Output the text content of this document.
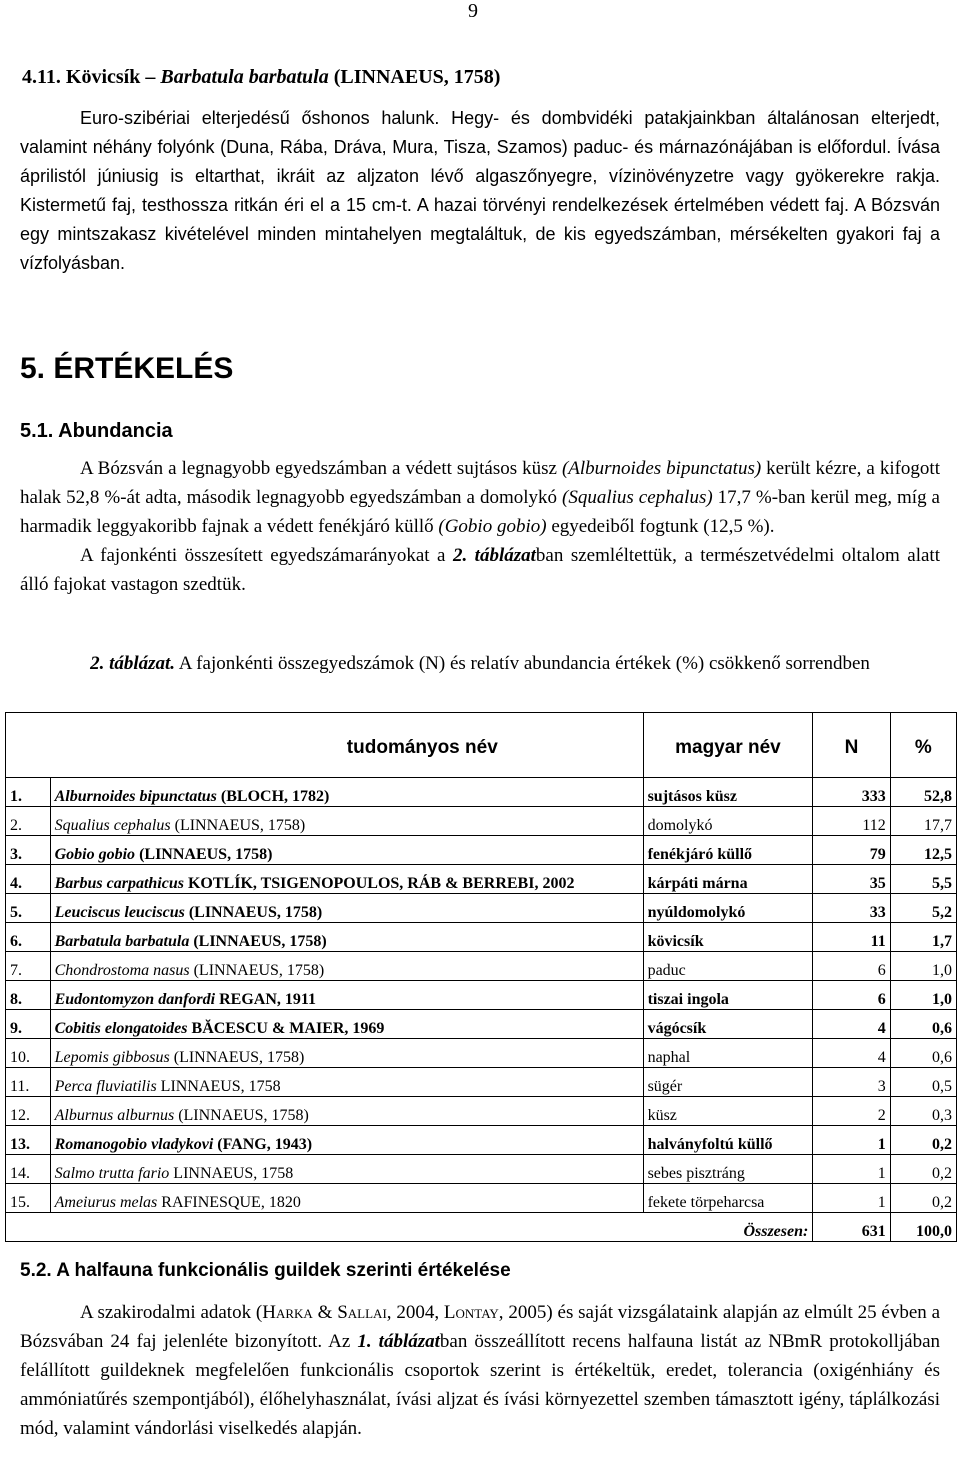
9
4.11. Kövicsík – Barbatula barbatula (LINNAEUS, 1758)
Euro-szibériai elterjedésű őshonos halunk. Hegy- és dombvidéki patakjainkban általánosan elterjedt, valamint néhány folyónk (Duna, Rába, Dráva, Mura, Tisza, Szamos) paduc- és márnazónájában is előfordul. Ívása áprilistól júniusig is eltarthat, ikráit az aljzaton lévő algaszőnyegre, vízinövényzetre vagy gyökerekre rakja. Kistermetű faj, testhossza ritkán éri el a 15 cm-t. A hazai törvényi rendelkezések értelmében védett faj. A Bózsván egy mintszakasz kivételével minden mintahelyen megtaláltuk, de kis egyedszámban, mérsékelten gyakori faj a vízfolyásban.
5. ÉRTÉKELÉS
5.1. Abundancia
A Bózsván a legnagyobb egyedszámban a védett sujtásos küsz (Alburnoides bipunctatus) került kézre, a kifogott halak 52,8 %-át adta, második legnagyobb egyedszámban a domolykó (Squalius cephalus) 17,7 %-ban kerül meg, míg a harmadik leggyakoribb fajnak a védett fenékjáró küllő (Gobio gobio) egyedeiből fogtunk (12,5 %).
A fajonkénti összesített egyedszámarányokat a 2. táblázatban szemléltettük, a természetvédelmi oltalom alatt álló fajokat vastagon szedtük.
2. táblázat. A fajonkénti összegyedszámok (N) és relatív abundancia értékek (%) csökkenő sorrendben
tudományos név		magyar név	N	%
1.	Alburnoides bipunctatus (BLOCH, 1782)	sujtásos küsz	333	52,8
2.	Squalius cephalus (LINNAEUS, 1758)	domolykó	112	17,7
3.	Gobio gobio (LINNAEUS, 1758)	fenékjáró küllő	79	12,5
4.	Barbus carpathicus KOTLÍK, TSIGENOPOULOS, RÁB & BERREBI, 2002	kárpáti márna	35	5,5
5.	Leuciscus leuciscus (LINNAEUS, 1758)	nyúldomolykó	33	5,2
6.	Barbatula barbatula (LINNAEUS, 1758)	kövicsík	11	1,7
7.	Chondrostoma nasus (LINNAEUS, 1758)	paduc	6	1,0
8.	Eudontomyzon danfordi REGAN, 1911	tiszai ingola	6	1,0
9.	Cobitis elongatoides BĂCESCU & MAIER, 1969	vágócsík	4	0,6
10.	Lepomis gibbosus (LINNAEUS, 1758)	naphal	4	0,6
11.	Perca fluviatilis LINNAEUS, 1758	sügér	3	0,5
12.	Alburnus alburnus (LINNAEUS, 1758)	küsz	2	0,3
13.	Romanogobio vladykovi (FANG, 1943)	halványfoltú küllő	1	0,2
14.	Salmo trutta fario LINNAEUS, 1758	sebes pisztráng	1	0,2
15.	Ameiurus melas RAFINESQUE, 1820	fekete törpeharcsa	1	0,2
Összesen:			631	100,0
5.2. A halfauna funkcionális guildek szerinti értékelése
A szakirodalmi adatok (Harka & Sallai, 2004, Lontay, 2005) és saját vizsgálataink alapján az elmúlt 25 évben a Bózsvában 24 faj jelenléte bizonyított. Az 1. táblázatban összeállított recens halfauna listát az NBmR protokolljában felállított guildeknek megfelelően funkcionális csoportok szerint is értékeltük, eredet, tolerancia (oxigénhiány és ammóniatűrés szempontjából), élőhelyhasználat, ívási aljzat és ívási környezettel szemben támasztott igény, táplálkozási mód, valamint vándorlási viselkedés alapján.
